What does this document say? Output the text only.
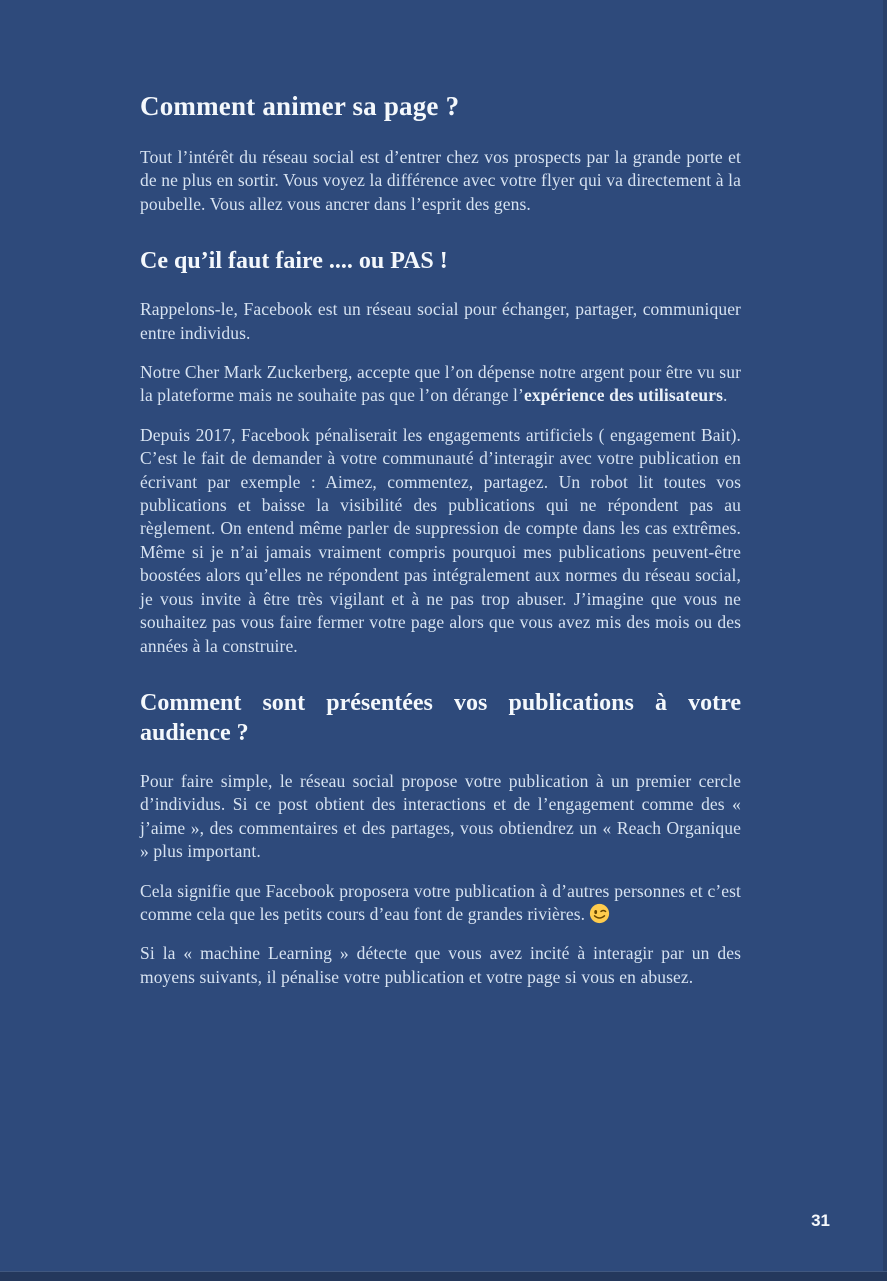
Comment animer sa page ?

Tout l’intérêt du réseau social est d’entrer chez vos prospects par la grande porte et de ne plus en sortir. Vous voyez la différence avec votre flyer qui va directement à la poubelle. Vous allez vous ancrer dans l’esprit des gens.

Ce qu’il faut faire .... ou PAS !

Rappelons-le, Facebook est un réseau social pour échanger, partager, communiquer entre individus.

Notre Cher Mark Zuckerberg, accepte que l’on dépense notre argent pour être vu sur la plateforme mais ne souhaite pas que l’on dérange l’expérience des utilisateurs.

Depuis 2017, Facebook pénaliserait les engagements artificiels ( engagement Bait). C’est le fait de demander à votre communauté d’interagir avec votre publication en écrivant par exemple : Aimez, commentez, partagez. Un robot lit toutes vos publications et baisse la visibilité des publications qui ne répondent pas au règlement. On entend même parler de suppression de compte dans les cas extrêmes. Même si je n’ai jamais vraiment compris pourquoi mes publications peuvent-être boostées alors qu’elles ne répondent pas intégralement aux normes du réseau social, je vous invite à être très vigilant et à ne pas trop abuser. J’imagine que vous ne souhaitez pas vous faire fermer votre page alors que vous avez mis des mois ou des années à la construire.

Comment sont présentées vos publications à votre audience ?

Pour faire simple, le réseau social propose votre publication à un premier cercle d’individus. Si ce post obtient des interactions et de l’engagement comme des « j’aime », des commentaires et des partages, vous obtiendrez un « Reach Organique » plus important.

Cela signifie que Facebook proposera votre publication à d’autres personnes et c’est comme cela que les petits cours d’eau font de grandes rivières.

Si la « machine Learning » détecte que vous avez incité à interagir par un des moyens suivants, il pénalise votre publication et votre page si vous en abusez.

31
